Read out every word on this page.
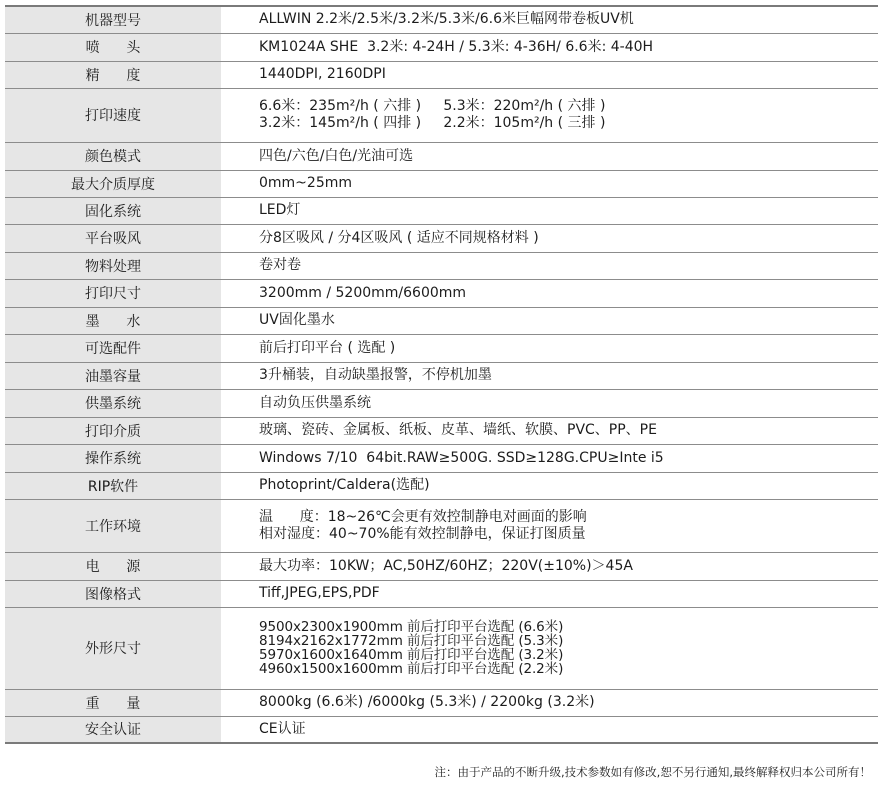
机器型号	ALLWIN 2.2米/2.5米/3.2米/5.3米/6.6米巨幅网带卷板UV机

喷      头	KM1024A SHE  3.2米: 4-24H / 5.3米: 4-36H/ 6.6米: 4-40H

精      度	1440DPI, 2160DPI

打印速度	6.6米：235m²/h ( 六排 )     5.3米：220m²/h ( 六排 )
3.2米：145m²/h ( 四排 )     2.2米：105m²/h ( 三排 )

颜色模式	四色/六色/白色/光油可选

最大介质厚度	0mm~25mm

固化系统	LED灯

平台吸风	分8区吸风 / 分4区吸风 ( 适应不同规格材料 )

物料处理	卷对卷

打印尺寸	3200mm / 5200mm/6600mm

墨      水	UV固化墨水

可选配件	前后打印平台 ( 选配 )

油墨容量	3升桶装，自动缺墨报警，不停机加墨

供墨系统	自动负压供墨系统

打印介质	玻璃、瓷砖、金属板、纸板、皮革、墙纸、软膜、PVC、PP、PE

操作系统	Windows 7/10  64bit.RAW≥500G. SSD≥128G.CPU≥Inte i5

RIP软件	Photoprint/Caldera(选配)

工作环境	温      度：18~26℃会更有效控制静电对画面的影响
相对湿度：40~70%能有效控制静电，保证打图质量

电      源	最大功率：10KW；AC,50HZ/60HZ；220V(±10%)＞45A

图像格式	Tiff,JPEG,EPS,PDF

外形尺寸	9500x2300x1900mm 前后打印平台选配 (6.6米)
8194x2162x1772mm 前后打印平台选配 (5.3米)
5970x1600x1640mm 前后打印平台选配 (3.2米)
4960x1500x1600mm 前后打印平台选配 (2.2米)

重      量	8000kg (6.6米) /6000kg (5.3米) / 2200kg (3.2米)

安全认证	CE认证
注：由于产品的不断升级,技术参数如有修改,恕不另行通知,最终解释权归本公司所有！
